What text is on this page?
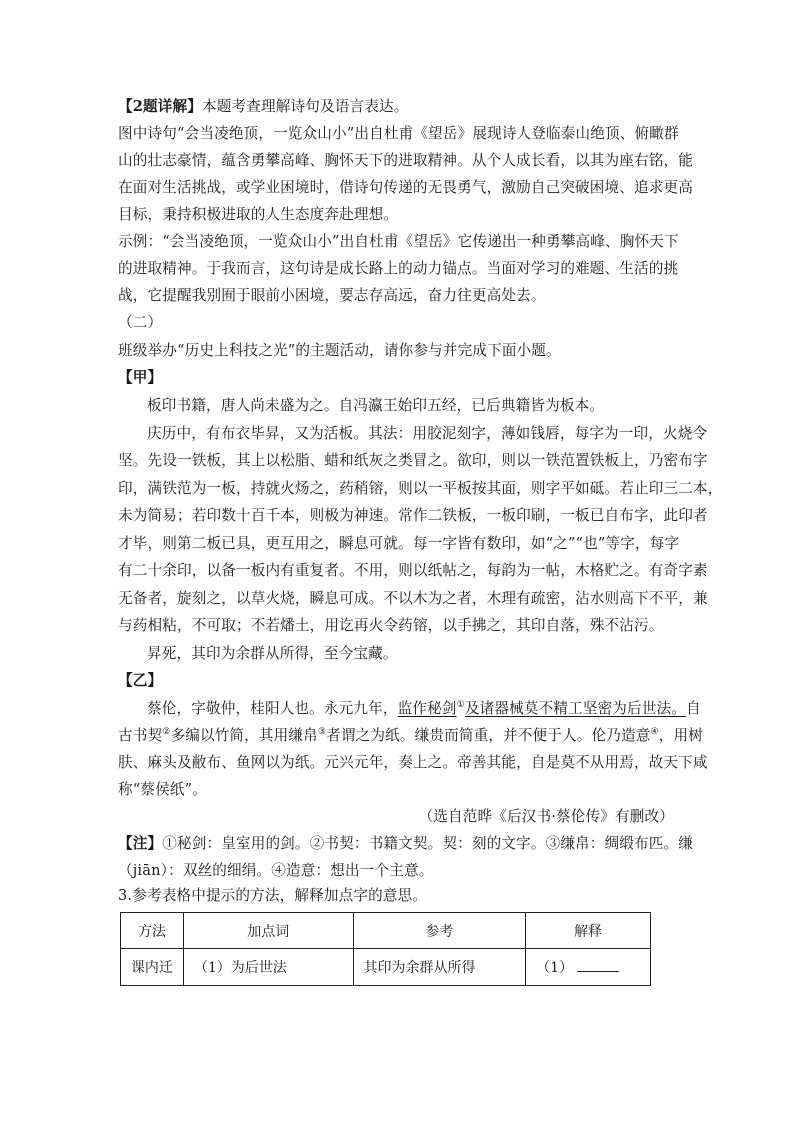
【2题详解】本题考查理解诗句及语言表达。
图中诗句“会当凌绝顶，一览众山小”出自杜甫《望岳》展现诗人登临泰山绝顶、俯瞰群
山的壮志豪情，蕴含勇攀高峰、胸怀天下的进取精神。从个人成长看，以其为座右铭，能
在面对生活挑战，或学业困境时，借诗句传递的无畏勇气，激励自己突破困境、追求更高
目标，秉持积极进取的人生态度奔赴理想。
示例：“会当凌绝顶，一览众山小”出自杜甫《望岳》它传递出一种勇攀高峰、胸怀天下
的进取精神。于我而言，这句诗是成长路上的动力锚点。当面对学习的难题、生活的挑
战，它提醒我别囿于眼前小困境，要志存高远，奋力往更高处去。
（二）
班级举办“历史上科技之光”的主题活动，请你参与并完成下面小题。
【甲】
板印书籍，唐人尚未盛为之。自冯瀛王始印五经，已后典籍皆为板本。
庆历中，有布衣毕昇，又为活板。其法：用胶泥刻字，薄如钱唇，每字为一印，火烧令
坚。先设一铁板，其上以松脂、蜡和纸灰之类冒之。欲印，则以一铁范置铁板上，乃密布字
印，满铁范为一板，持就火炀之，药稍镕，则以一平板按其面，则字平如砥。若止印三二本，
未为简易；若印数十百千本，则极为神速。常作二铁板，一板印刷，一板已自布字，此印者
才毕，则第二板已具，更互用之，瞬息可就。每一字皆有数印，如“之”“也”等字，每字
有二十余印，以备一板内有重复者。不用，则以纸帖之，每韵为一帖，木格贮之。有奇字素
无备者，旋刻之，以草火烧，瞬息可成。不以木为之者，木理有疏密，沾水则高下不平，兼
与药相粘，不可取；不若燔土，用讫再火令药镕，以手拂之，其印自落，殊不沾污。
昇死，其印为余群从所得，至今宝藏。
【乙】
蔡伦，字敬仲，桂阳人也。永元九年，监作秘剑①及诸器械莫不精工坚密为后世法。自
古书契②多编以竹简，其用缣帛③者谓之为纸。缣贵而简重，并不便于人。伦乃造意④，用树
肤、麻头及敝布、鱼网以为纸。元兴元年，奏上之。帝善其能，自是莫不从用焉，故天下咸
称“蔡侯纸”。
（选自范晔《后汉书·蔡伦传》有删改）
【注】①秘剑：皇室用的剑。②书契：书籍文契。契：刻的文字。③缣帛：绸缎布匹。缣
（jiān）：双丝的细绢。④造意：想出一个主意。
3.参考表格中提示的方法，解释加点字的意思。
方法	加点词	参考	解释
课内迁	（1）为后世法	其印为余群从所得	（1）
